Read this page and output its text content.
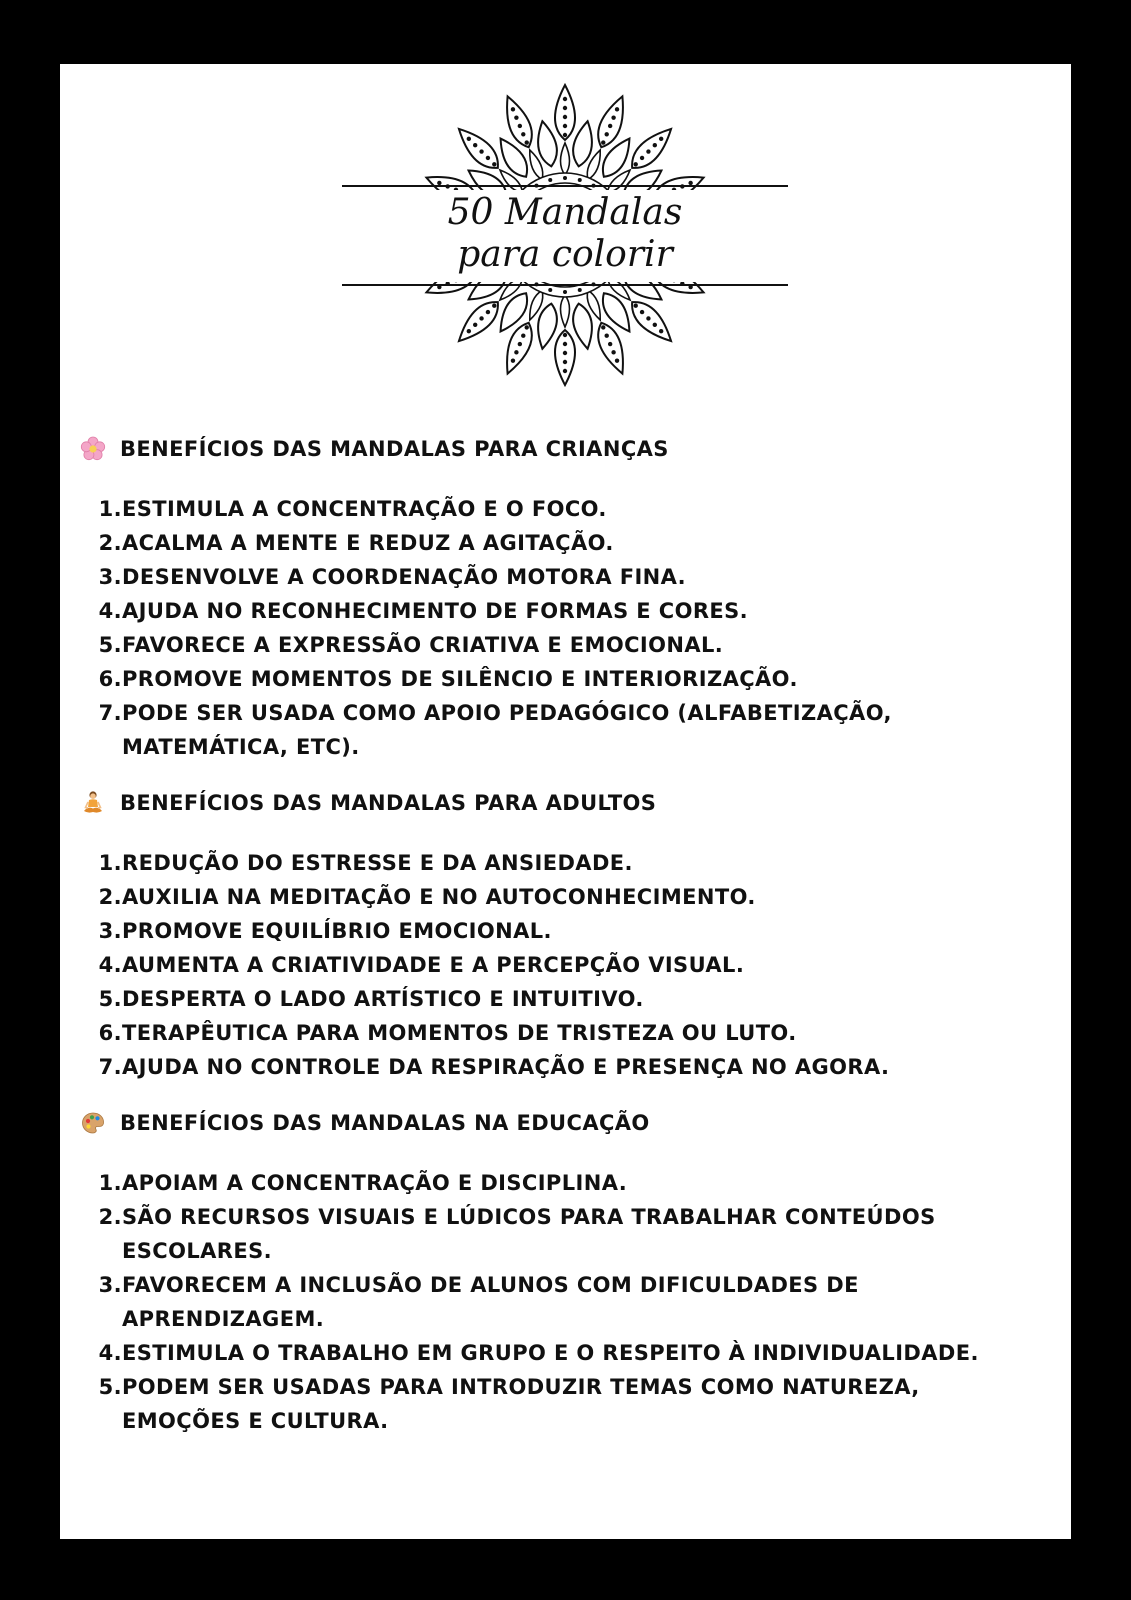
50 Mandalas
para colorir
BENEFÍCIOS DAS MANDALAS PARA CRIANÇAS
1. ESTIMULA A CONCENTRAÇÃO E O FOCO.
2. ACALMA A MENTE E REDUZ A AGITAÇÃO.
3. DESENVOLVE A COORDENAÇÃO MOTORA FINA.
4. AJUDA NO RECONHECIMENTO DE FORMAS E CORES.
5. FAVORECE A EXPRESSÃO CRIATIVA E EMOCIONAL.
6. PROMOVE MOMENTOS DE SILÊNCIO E INTERIORIZAÇÃO.
7. PODE SER USADA COMO APOIO PEDAGÓGICO (ALFABETIZAÇÃO, MATEMÁTICA, ETC).
BENEFÍCIOS DAS MANDALAS PARA ADULTOS
1. REDUÇÃO DO ESTRESSE E DA ANSIEDADE.
2. AUXILIA NA MEDITAÇÃO E NO AUTOCONHECIMENTO.
3. PROMOVE EQUILÍBRIO EMOCIONAL.
4. AUMENTA A CRIATIVIDADE E A PERCEPÇÃO VISUAL.
5. DESPERTA O LADO ARTÍSTICO E INTUITIVO.
6. TERAPÊUTICA PARA MOMENTOS DE TRISTEZA OU LUTO.
7. AJUDA NO CONTROLE DA RESPIRAÇÃO E PRESENÇA NO AGORA.
BENEFÍCIOS DAS MANDALAS NA EDUCAÇÃO
1. APOIAM A CONCENTRAÇÃO E DISCIPLINA.
2. SÃO RECURSOS VISUAIS E LÚDICOS PARA TRABALHAR CONTEÚDOS ESCOLARES.
3. FAVORECEM A INCLUSÃO DE ALUNOS COM DIFICULDADES DE APRENDIZAGEM.
4. ESTIMULA O TRABALHO EM GRUPO E O RESPEITO À INDIVIDUALIDADE.
5. PODEM SER USADAS PARA INTRODUZIR TEMAS COMO NATUREZA, EMOÇÕES E CULTURA.
